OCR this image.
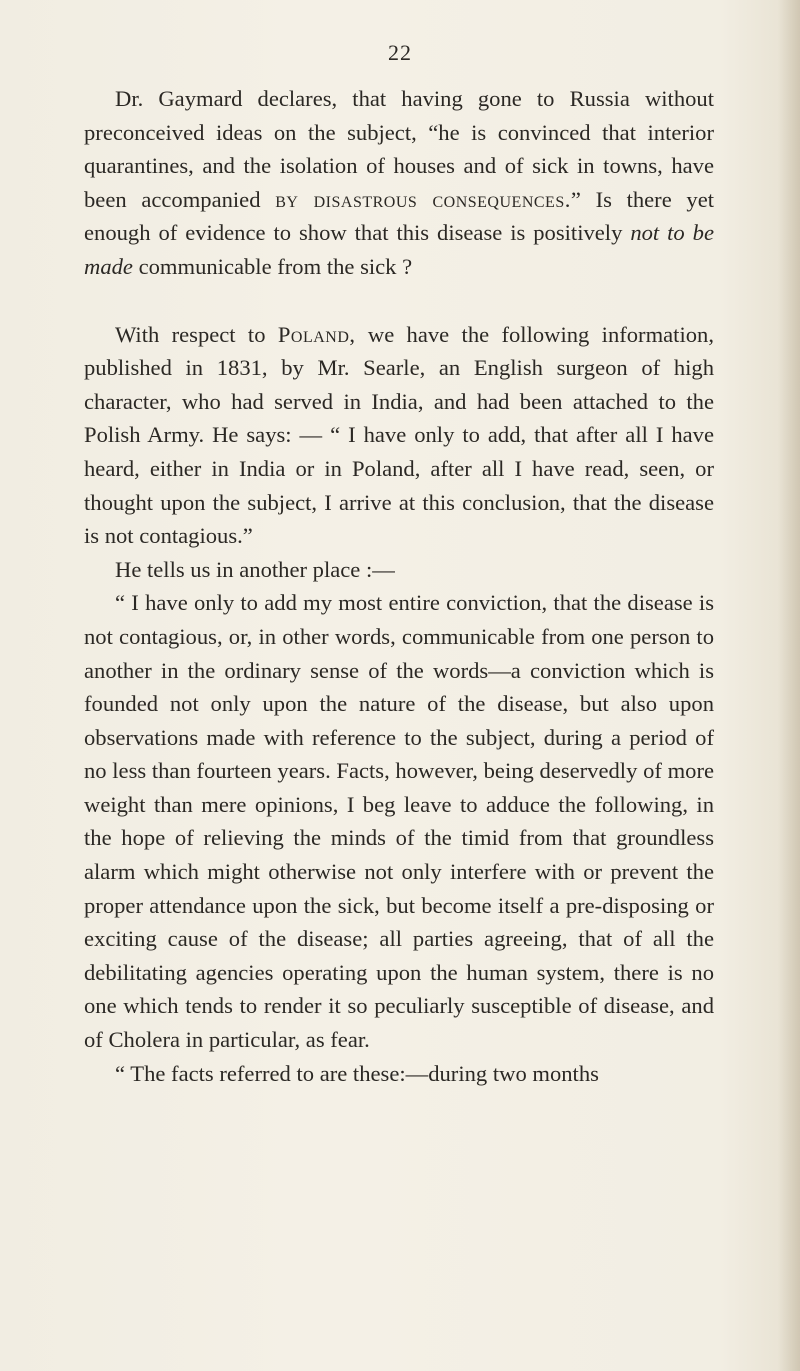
22

Dr. Gaymard declares, that having gone to Russia without preconceived ideas on the subject, “he is convinced that interior quarantines, and the isolation of houses and of sick in towns, have been accompanied by disastrous consequences.” Is there yet enough of evidence to show that this disease is positively not to be made communicable from the sick ?

With respect to Poland, we have the following information, published in 1831, by Mr. Searle, an English surgeon of high character, who had served in India, and had been attached to the Polish Army. He says: — “ I have only to add, that after all I have heard, either in India or in Poland, after all I have read, seen, or thought upon the subject, I arrive at this conclusion, that the disease is not contagious.”

He tells us in another place :—

“ I have only to add my most entire conviction, that the disease is not contagious, or, in other words, communicable from one person to another in the ordinary sense of the words—a conviction which is founded not only upon the nature of the disease, but also upon observations made with reference to the subject, during a period of no less than fourteen years. Facts, however, being deservedly of more weight than mere opinions, I beg leave to adduce the following, in the hope of relieving the minds of the timid from that groundless alarm which might otherwise not only interfere with or prevent the proper attendance upon the sick, but become itself a pre-disposing or exciting cause of the disease; all parties agreeing, that of all the debilitating agencies operating upon the human system, there is no one which tends to render it so peculiarly susceptible of disease, and of Cholera in particular, as fear.

“ The facts referred to are these:—during two months
